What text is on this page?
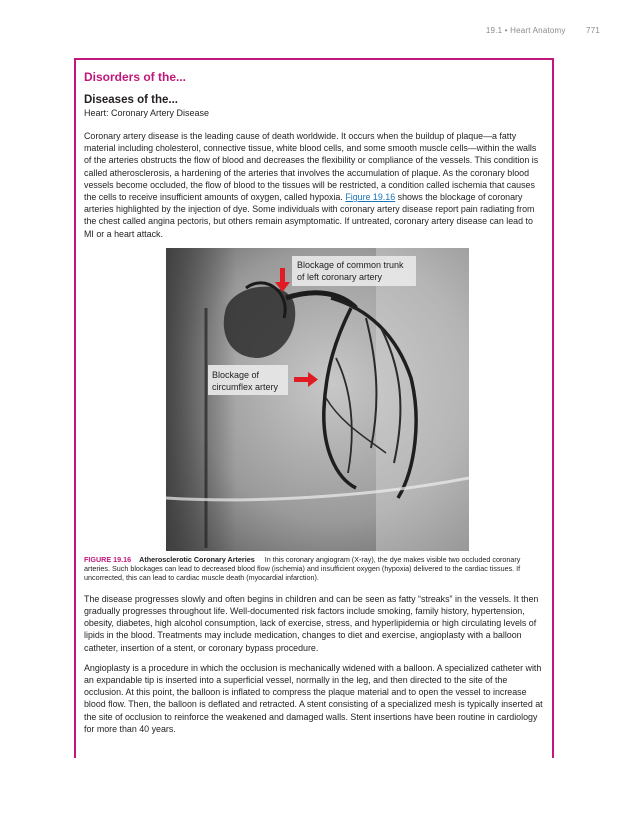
19.1 • Heart Anatomy	771
Disorders of the...
Diseases of the...
Heart: Coronary Artery Disease

Coronary artery disease is the leading cause of death worldwide. It occurs when the buildup of plaque—a fatty material including cholesterol, connective tissue, white blood cells, and some smooth muscle cells—within the walls of the arteries obstructs the flow of blood and decreases the flexibility or compliance of the vessels. This condition is called atherosclerosis, a hardening of the arteries that involves the accumulation of plaque. As the coronary blood vessels become occluded, the flow of blood to the tissues will be restricted, a condition called ischemia that causes the cells to receive insufficient amounts of oxygen, called hypoxia. Figure 19.16 shows the blockage of coronary arteries highlighted by the injection of dye. Some individuals with coronary artery disease report pain radiating from the chest called angina pectoris, but others remain asymptomatic. If untreated, coronary artery disease can lead to MI or a heart attack.

Blockage of common trunk
of left coronary artery
Blockage of
circumflex artery
FIGURE 19.16 Atherosclerotic Coronary Arteries In this coronary angiogram (X-ray), the dye makes visible two occluded coronary arteries. Such blockages can lead to decreased blood flow (ischemia) and insufficient oxygen (hypoxia) delivered to the cardiac tissues. If uncorrected, this can lead to cardiac muscle death (myocardial infarction).

The disease progresses slowly and often begins in children and can be seen as fatty “streaks” in the vessels. It then gradually progresses throughout life. Well-documented risk factors include smoking, family history, hypertension, obesity, diabetes, high alcohol consumption, lack of exercise, stress, and hyperlipidemia or high circulating levels of lipids in the blood. Treatments may include medication, changes to diet and exercise, angioplasty with a balloon catheter, insertion of a stent, or coronary bypass procedure.

Angioplasty is a procedure in which the occlusion is mechanically widened with a balloon. A specialized catheter with an expandable tip is inserted into a superficial vessel, normally in the leg, and then directed to the site of the occlusion. At this point, the balloon is inflated to compress the plaque material and to open the vessel to increase blood flow. Then, the balloon is deflated and retracted. A stent consisting of a specialized mesh is typically inserted at the site of occlusion to reinforce the weakened and damaged walls. Stent insertions have been routine in cardiology for more than 40 years.
